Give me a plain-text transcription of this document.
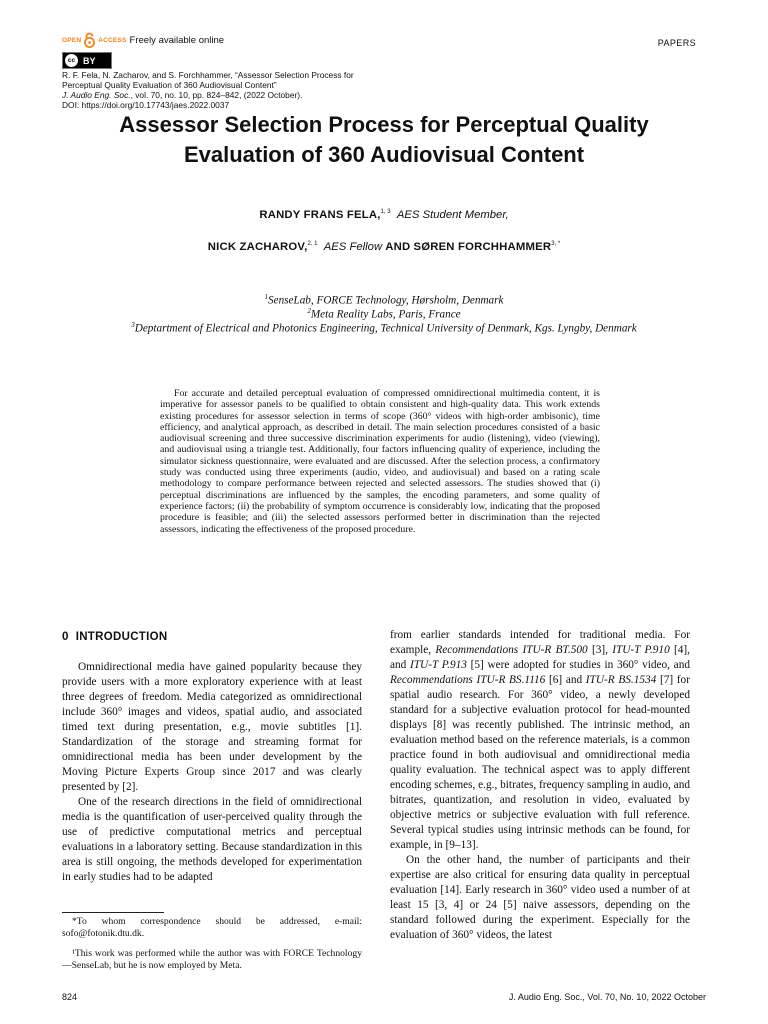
OPEN	ACCESS Freely available online	PAPERS
cc BY
R. F. Fela, N. Zacharov, and S. Forchhammer, “Assessor Selection Process for
Perceptual Quality Evaluation of 360 Audiovisual Content”
J. Audio Eng. Soc., vol. 70, no. 10, pp. 824–842, (2022 October).
DOI: https://doi.org/10.17743/jaes.2022.0037
Assessor Selection Process for Perceptual Quality
Evaluation of 360 Audiovisual Content
RANDY FRANS FELA,$^{1, 3}$ AES Student Member,
NICK ZACHAROV,$^{2, 1}$ AES Fellow AND SØREN FORCHHAMMER$^{3, *}$
$^1$SenseLab, FORCE Technology, Hørsholm, Denmark
$^2$Meta Reality Labs, Paris, France
$^3$Deptartment of Electrical and Photonics Engineering, Technical University of Denmark, Kgs. Lyngby, Denmark

For accurate and detailed perceptual evaluation of compressed omnidirectional multimedia content, it is imperative for assessor panels to be qualified to obtain consistent and high-quality data. This work extends existing procedures for assessor selection in terms of scope (360° videos with high-order ambisonic), time efficiency, and analytical approach, as described in detail. The main selection procedures consisted of a basic audiovisual screening and three successive discrimination experiments for audio (listening), video (viewing), and audiovisual using a triangle test. Additionally, four factors influencing quality of experience, including the simulator sickness questionnaire, were evaluated and are discussed. After the selection process, a confirmatory study was conducted using three experiments (audio, video, and audiovisual) and based on a rating scale methodology to compare performance between rejected and selected assessors. The studies showed that (i) perceptual discriminations are influenced by the samples, the encoding parameters, and some quality of experience factors; (ii) the probability of symptom occurrence is considerably low, indicating that the proposed procedure is feasible; and (iii) the selected assessors performed better in discrimination than the rejected assessors, indicating the effectiveness of the proposed procedure.

0 INTRODUCTION

Omnidirectional media have gained popularity because they provide users with a more exploratory experience with at least three degrees of freedom. Media categorized as omnidirectional include 360° images and videos, spatial audio, and associated timed text during presentation, e.g., movie subtitles [1]. Standardization of the storage and streaming format for omnidirectional media has been under development by the Moving Picture Experts Group since 2017 and was clearly presented by [2].

One of the research directions in the field of omnidirectional media is the quantification of user-perceived quality through the use of predictive computational metrics and perceptual evaluations in a laboratory setting. Because standardization in this area is still ongoing, the methods developed for experimentation in early studies had to be adapted

from earlier standards intended for traditional media. For example, Recommendations ITU-R BT.500 [3], ITU-T P.910 [4], and ITU-T P.913 [5] were adopted for studies in 360° video, and Recommendations ITU-R BS.1116 [6] and ITU-R BS.1534 [7] for spatial audio research. For 360° video, a newly developed standard for a subjective evaluation protocol for head-mounted displays [8] was recently published. The intrinsic method, an evaluation method based on the reference materials, is a common practice found in both audiovisual and omnidirectional media quality evaluation. The technical aspect was to apply different encoding schemes, e.g., bitrates, frequency sampling in audio, and bitrates, quantization, and resolution in video, evaluated by objective metrics or subjective evaluation with full reference. Several typical studies using intrinsic methods can be found, for example, in [9–13].

On the other hand, the number of participants and their expertise are also critical for ensuring data quality in perceptual evaluation [14]. Early research in 360° video used a number of at least 15 [3, 4] or 24 [5] naive assessors, depending on the standard followed during the experiment. Especially for the evaluation of 360° videos, the latest

*To whom correspondence should be addressed, e-mail: sofo@fotonik.dtu.dk.

¹This work was performed while the author was with FORCE Technology—SenseLab, but he is now employed by Meta.

824	J. Audio Eng. Soc., Vol. 70, No. 10, 2022 October
